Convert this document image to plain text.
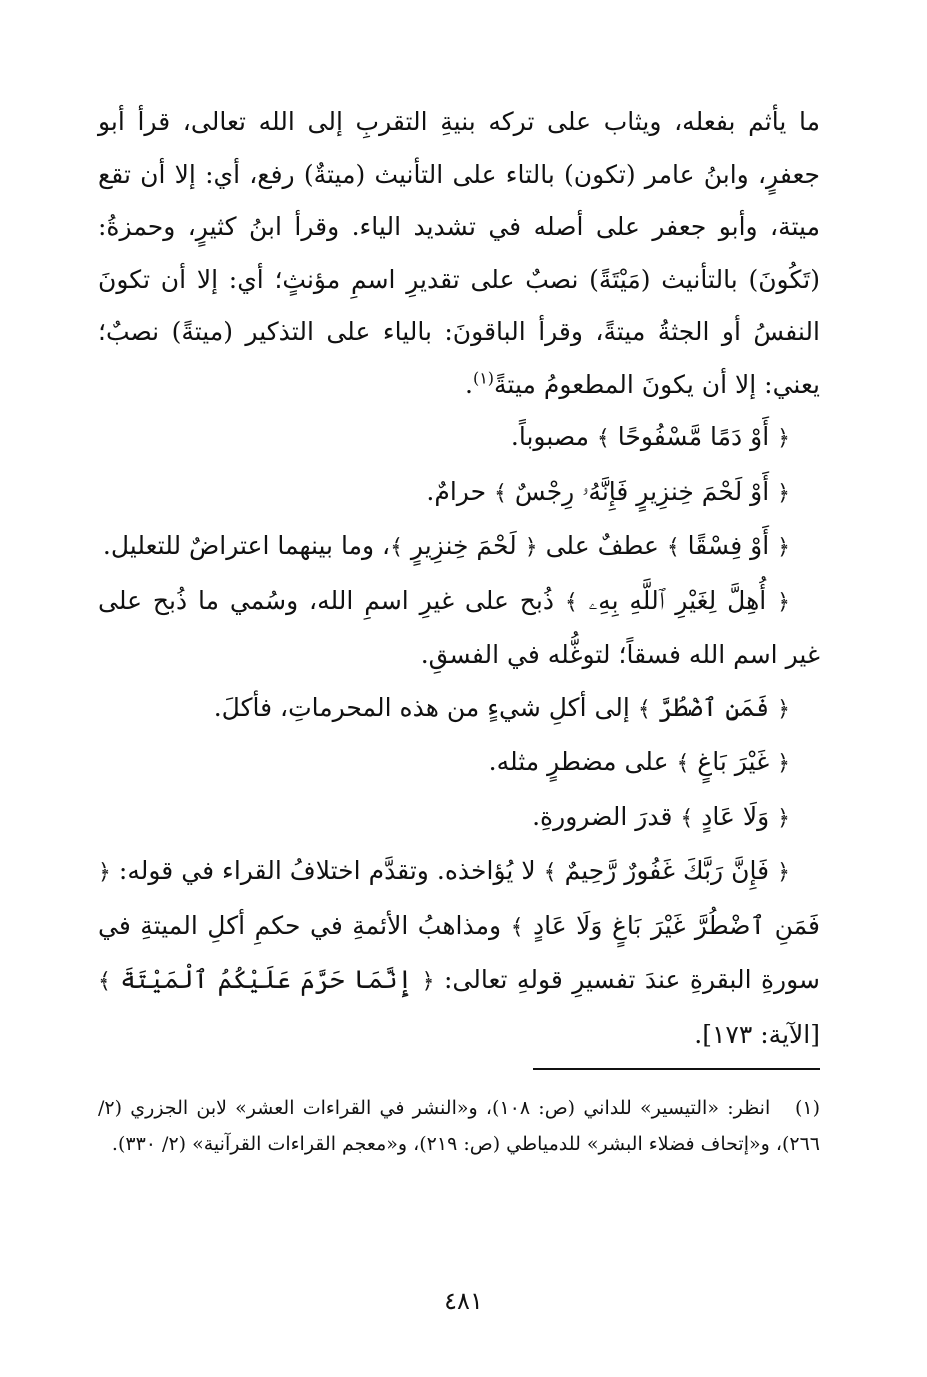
ما يأثم بفعله، ويثاب على تركه بنيةِ التقربِ إلى الله تعالى، قرأ أبو جعفرٍ، وابنُ عامر (تكون) بالتاء على التأنيث (ميتةٌ) رفع، أي: إلا أن تقع ميتة، وأبو جعفر على أصله في تشديد الياء. وقرأ ابنُ كثيرٍ، وحمزةُ: (تَكُونَ) بالتأنيث (مَيْتَةً) نصبٌ على تقديرِ اسمِ مؤنثٍ؛ أي: إلا أن تكونَ النفسُ أو الجثةُ ميتةً، وقرأ الباقونَ: بالياء على التذكير (ميتةً) نصبٌ؛ يعني: إلا أن يكونَ المطعومُ ميتةً$^{(١)}$.

﴿ أَوْ دَمًا مَّسْفُوحًا ﴾ مصبوباً.

﴿ أَوْ لَحْمَ خِنزِيرٍ فَإِنَّهُۥ رِجْسٌ ﴾ حرامٌ.

﴿ أَوْ فِسْقًا ﴾ عطفٌ على ﴿ لَحْمَ خِنزِيرٍ ﴾، وما بينهما اعتراضٌ للتعليل.

﴿ أُهِلَّ لِغَيْرِ ٱللَّهِ بِهِۦ ﴾ ذُبح على غيرِ اسمِ الله، وسُمي ما ذُبح على غير اسم الله فسقاً؛ لتوغُّله في الفسقِ.

﴿ فَمَنِ ٱضْطُرَّ ﴾ إلى أكلِ شيءٍ من هذه المحرماتِ، فأكلَ.

﴿ غَيْرَ بَاغٍ ﴾ على مضطرٍ مثله.

﴿ وَلَا عَادٍ ﴾ قدرَ الضرورةِ.

﴿ فَإِنَّ رَبَّكَ غَفُورٌ رَّحِيمٌ ﴾ لا يُؤاخذه. وتقدَّم اختلافُ القراء في قوله: ﴿ فَمَنِ ٱضْطُرَّ غَيْرَ بَاغٍ وَلَا عَادٍ ﴾ ومذاهبُ الأئمةِ في حكمِ أكلِ الميتةِ في سورةِ البقرةِ عندَ تفسيرِ قولهِ تعالى: ﴿ إِنَّمَا حَرَّمَ عَلَيْكُمُ ٱلْمَيْتَةَ ﴾ [الآية: ١٧٣].

(١)   انظر: «التيسير» للداني (ص: ١٠٨)، و«النشر في القراءات العشر» لابن الجزري (٢/ ٢٦٦)، و«إتحاف فضلاء البشر» للدمياطي (ص: ٢١٩)، و«معجم القراءات القرآنية» (٢/ ٣٣٠).

٤٨١
